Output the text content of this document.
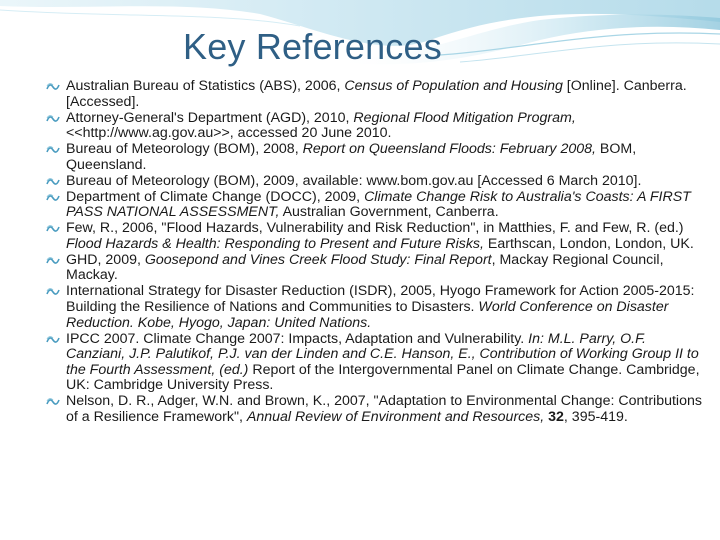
Key References
Australian Bureau of Statistics (ABS), 2006, Census of Population and Housing [Online]. Canberra. [Accessed].
Attorney-General's Department (AGD), 2010, Regional Flood Mitigation Program, <<http://www.ag.gov.au>>, accessed 20 June 2010.
Bureau of Meteorology (BOM), 2008, Report on Queensland Floods: February 2008, BOM, Queensland.
Bureau of Meteorology (BOM), 2009, available: www.bom.gov.au [Accessed 6 March 2010].
Department of Climate Change (DOCC), 2009, Climate Change Risk to Australia's Coasts: A FIRST PASS NATIONAL ASSESSMENT, Australian Government, Canberra.
Few, R., 2006, "Flood Hazards, Vulnerability and Risk Reduction", in Matthies, F. and Few, R. (ed.) Flood Hazards & Health: Responding to Present and Future Risks, Earthscan, London, London, UK.
GHD, 2009, Goosepond and Vines Creek Flood Study: Final Report, Mackay Regional Council, Mackay.
International Strategy for Disaster Reduction (ISDR), 2005, Hyogo Framework for Action 2005-2015: Building the Resilience of Nations and Communities to Disasters. World Conference on Disaster Reduction. Kobe, Hyogo, Japan: United Nations.
IPCC 2007. Climate Change 2007: Impacts, Adaptation and Vulnerability. In: M.L. Parry, O.F. Canziani, J.P. Palutikof, P.J. van der Linden and C.E. Hanson, E., Contribution of Working Group II to the Fourth Assessment, (ed.) Report of the Intergovernmental Panel on Climate Change. Cambridge, UK: Cambridge University Press.
Nelson, D. R., Adger, W.N. and Brown, K., 2007, "Adaptation to Environmental Change: Contributions of a Resilience Framework", Annual Review of Environment and Resources, 32, 395-419.
